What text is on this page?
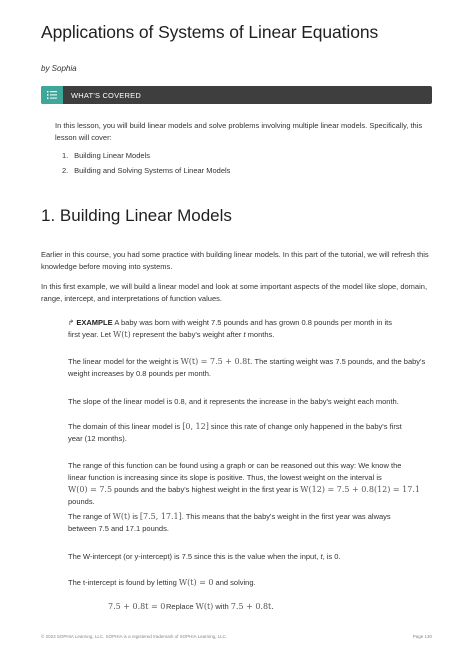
Applications of Systems of Linear Equations
by Sophia
WHAT'S COVERED
In this lesson, you will build linear models and solve problems involving multiple linear models. Specifically, this lesson will cover:
1. Building Linear Models
2. Building and Solving Systems of Linear Models
1. Building Linear Models
Earlier in this course, you had some practice with building linear models. In this part of the tutorial, we will refresh this knowledge before moving into systems.
In this first example, we will build a linear model and look at some important aspects of the model like slope, domain, range, intercept, and interpretations of function values.
↱ EXAMPLE A baby was born with weight 7.5 pounds and has grown 0.8 pounds per month in its
first year. Let W(t) represent the baby's weight after t months.
The linear model for the weight is W(t) = 7.5 + 0.8t. The starting weight was 7.5 pounds, and the baby's
weight increases by 0.8 pounds per month.
The slope of the linear model is 0.8, and it represents the increase in the baby's weight each month.
The domain of this linear model is [0, 12] since this rate of change only happened in the baby's first
year (12 months).
The range of this function can be found using a graph or can be reasoned out this way: We know the
linear function is increasing since its slope is positive. Thus, the lowest weight on the interval is
W(0) = 7.5 pounds and the baby's highest weight in the first year is W(12) = 7.5 + 0.8(12) = 17.1 pounds.
The range of W(t) is [7.5, 17.1]. This means that the baby's weight in the first year was always
between 7.5 and 17.1 pounds.
The W-intercept (or y-intercept) is 7.5 since this is the value when the input, t, is 0.
The t-intercept is found by letting W(t) = 0 and solving.
7.5 + 0.8t = 0 Replace W(t) with 7.5 + 0.8t.
© 2023 SOPHIA Learning, LLC. SOPHIA is a registered trademark of SOPHIA Learning, LLC.	Page 130
